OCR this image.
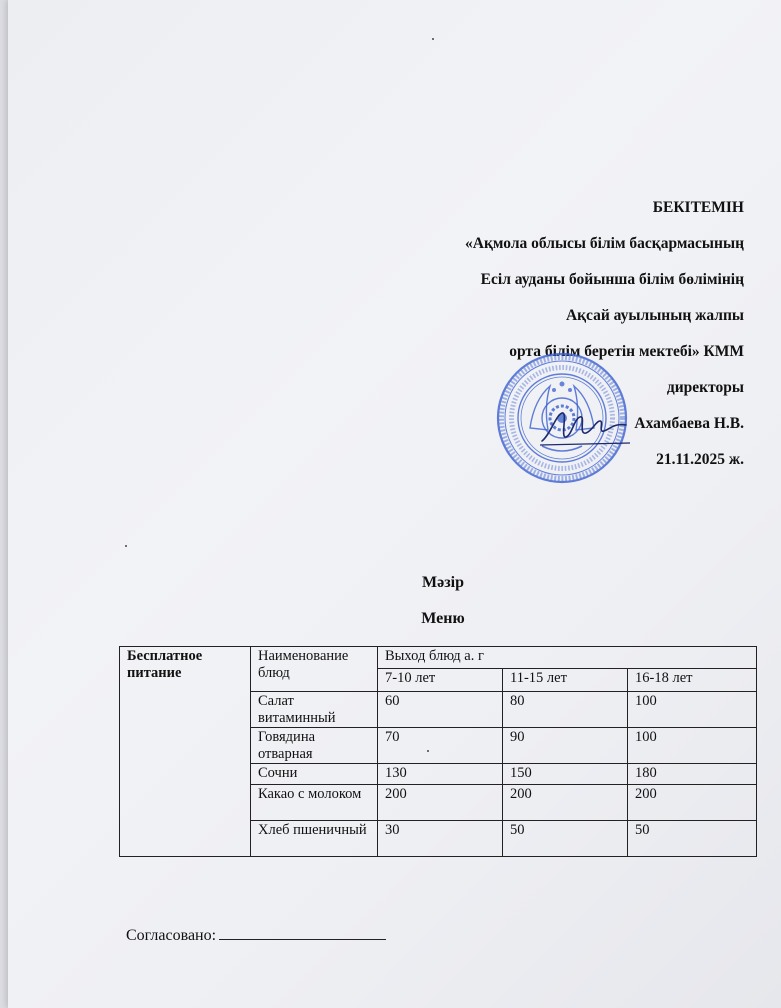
БЕКІТЕМІН
«Ақмола облысы білім басқармасының
Есіл ауданы бойынша білім бөлімінің
Ақсай ауылының жалпы
орта білім беретін мектебі» КММ
директоры
Ахамбаева Н.В.
21.11.2025 ж.
Мәзір
Меню
Бесплатное питание	Наименование блюд	Выход блюд а. г		
		7-10 лет	11-15 лет	16-18 лет
	Салат витаминный	60	80	100
	Говядина отварная	70	90	100
	Сочни	130	150	180
	Какао с молоком	200	200	200
	Хлеб пшеничный	30	50	50
Согласовано:
